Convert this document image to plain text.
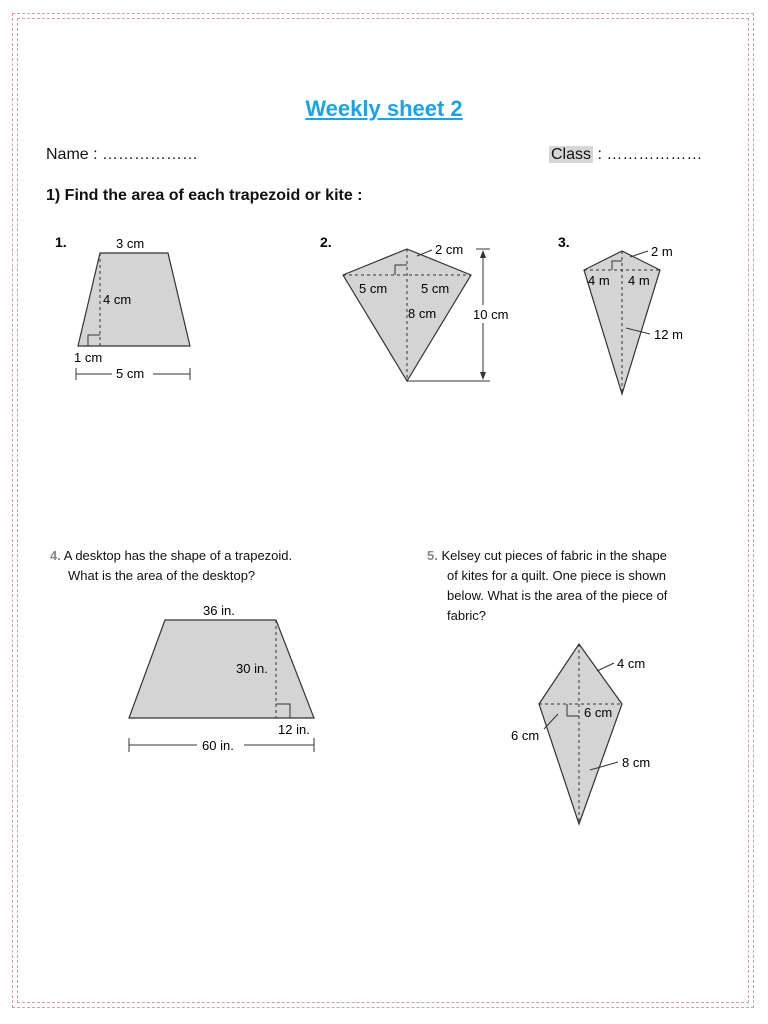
Weekly sheet 2
Name : ………………	Class : ………………
1) Find the area of each trapezoid or kite :
1.	3 cm
4 cm
1 cm
5 cm
2.	2 cm
5 cm	5 cm
8 cm	10 cm
3.
2 m
4 m 4 m
12 m
4. A desktop has the shape of a trapezoid.
What is the area of the desktop?
36 in.
30 in.
12 in.
60 in.
5. Kelsey cut pieces of fabric in the shape
of kites for a quilt. One piece is shown
below. What is the area of the piece of
fabric?
4 cm
6 cm
6 cm
8 cm
